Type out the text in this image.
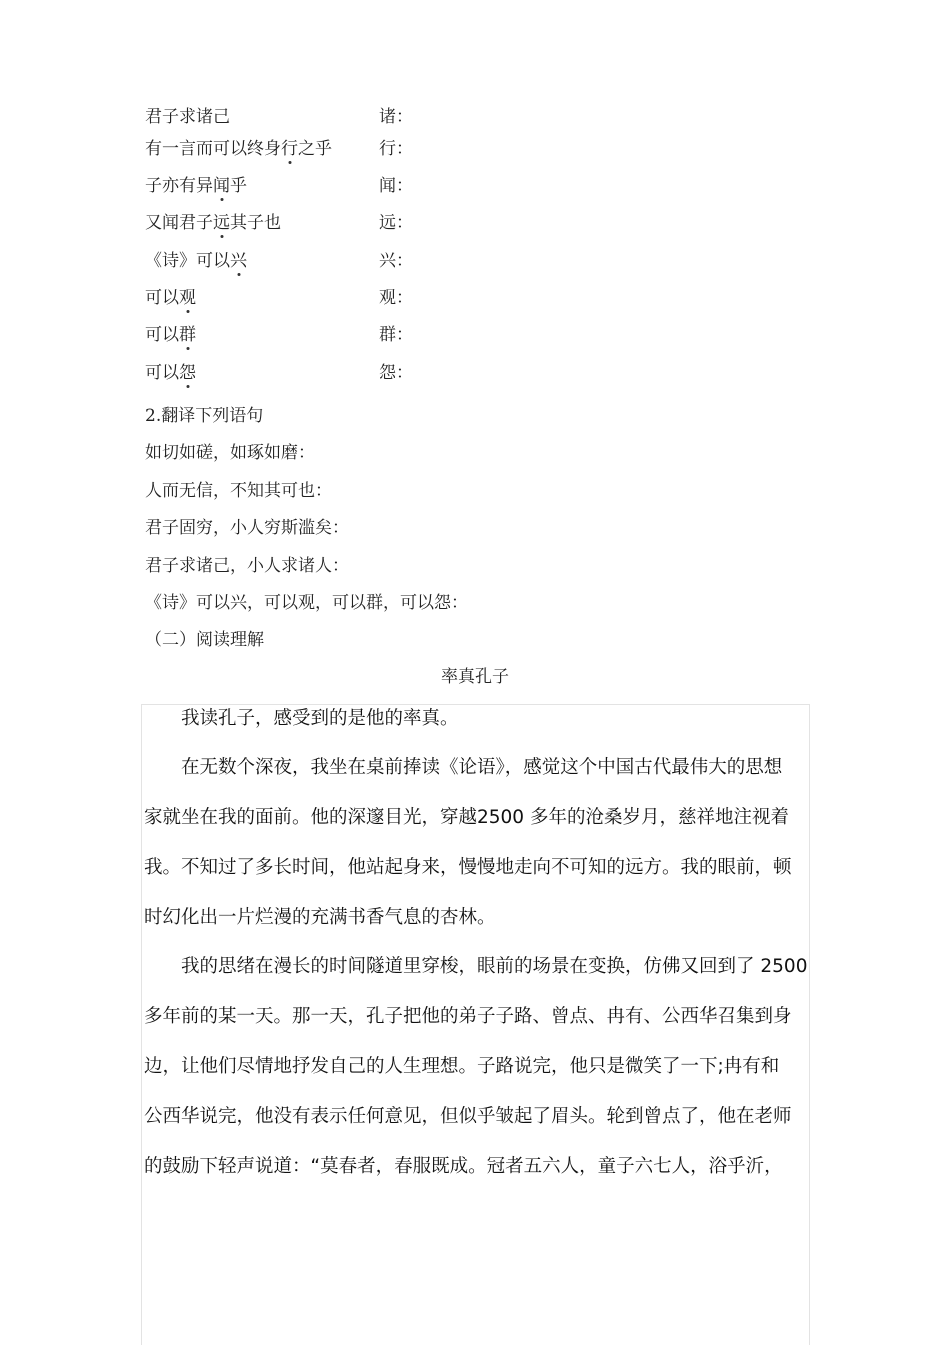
君子求诸己	诸：
有一言而可以终身行之乎	行：
子亦有异闻乎	闻：
又闻君子远其子也	远：
《诗》可以兴	兴：
可以观	观：
可以群	群：
可以怨	怨：
2.翻译下列语句
如切如磋，如琢如磨：
人而无信，不知其可也：
君子固穷，小人穷斯滥矣：
君子求诸己，小人求诸人：
《诗》可以兴，可以观，可以群，可以怨：
（二）阅读理解
率真孔子
我读孔子，感受到的是他的率真。
在无数个深夜，我坐在桌前捧读《论语》，感觉这个中国古代最伟大的思想
家就坐在我的面前。他的深邃目光，穿越2500 多年的沧桑岁月，慈祥地注视着
我。不知过了多长时间，他站起身来，慢慢地走向不可知的远方。我的眼前，顿
时幻化出一片烂漫的充满书香气息的杏林。
我的思绪在漫长的时间隧道里穿梭，眼前的场景在变换，仿佛又回到了 2500
多年前的某一天。那一天，孔子把他的弟子子路、曾点、冉有、公西华召集到身
边，让他们尽情地抒发自己的人生理想。子路说完，他只是微笑了一下;冉有和
公西华说完，他没有表示任何意见，但似乎皱起了眉头。轮到曾点了，他在老师
的鼓励下轻声说道：“莫春者，春服既成。冠者五六人，童子六七人，浴乎沂，
